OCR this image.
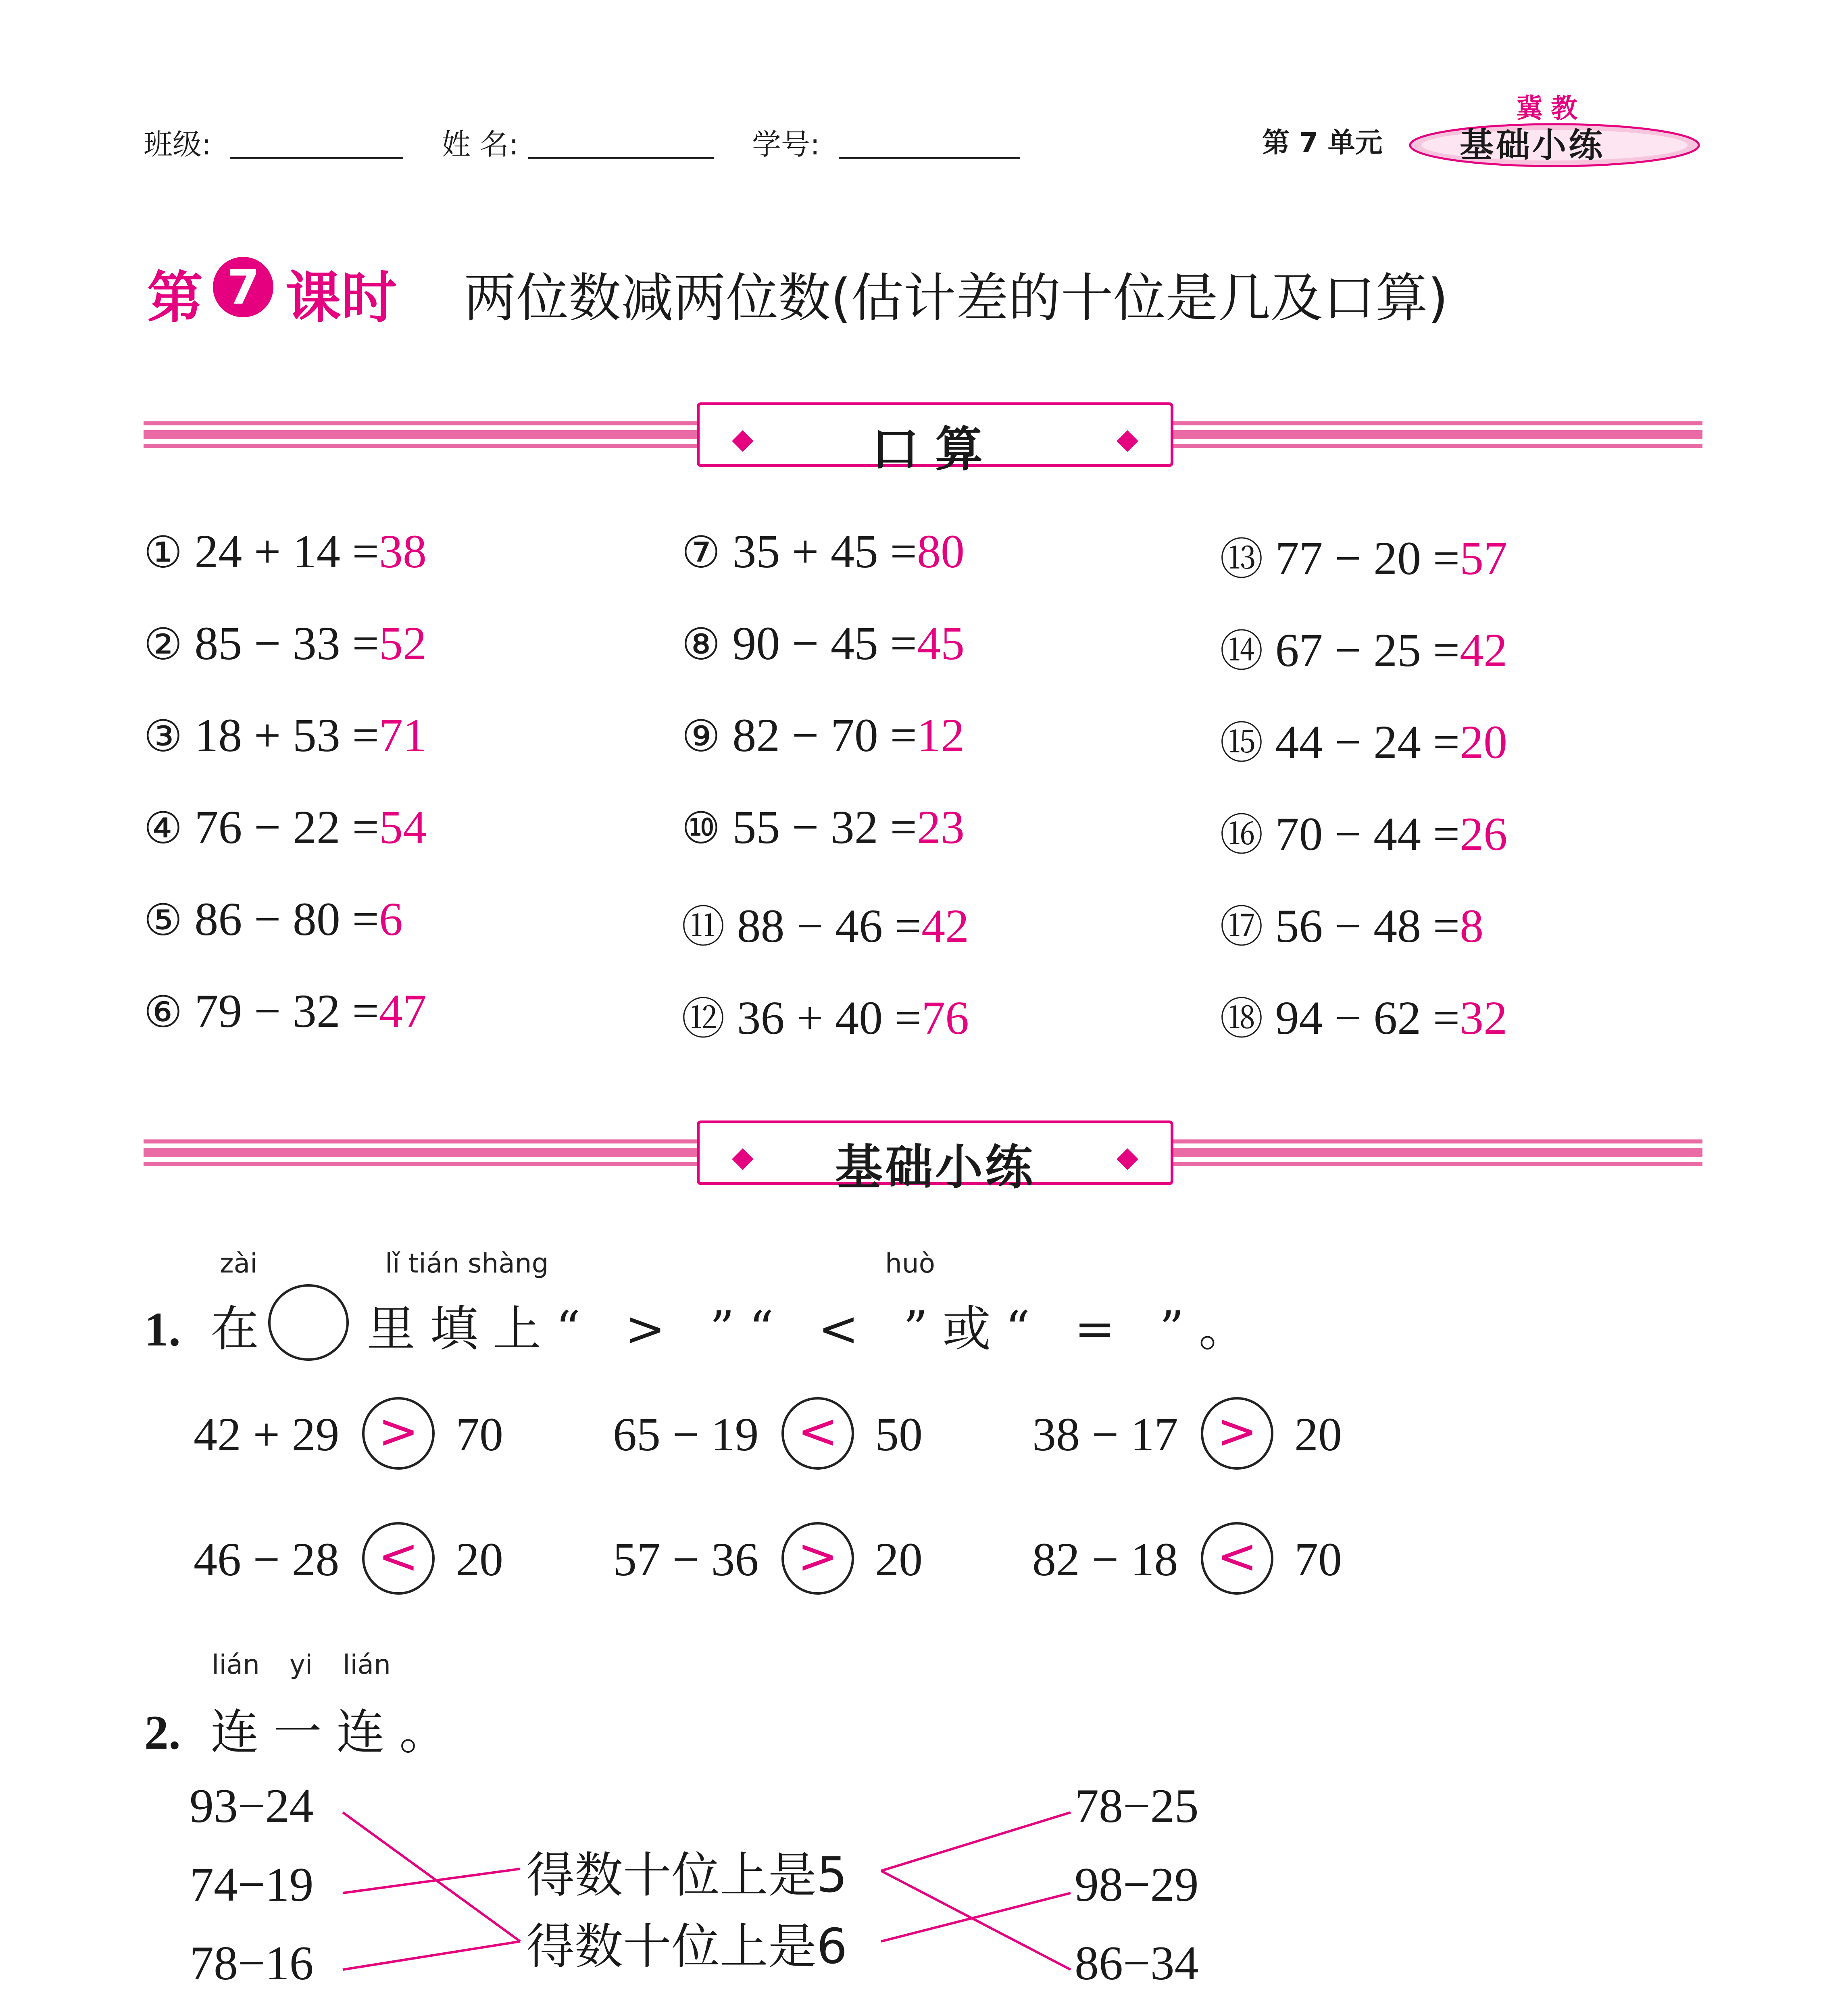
班级:	姓 名:	学号:	第 7 单元
冀教
基础小练
第 7 课时 两位数减两位数(估计差的十位是几及口算)
◆	口算	◆
① 24 + 14 =38
② 85 − 33 =52
③ 18 + 53 =71
④ 76 − 22 =54
⑤ 86 − 80 =6
⑥ 79 − 32 =47
⑦ 35 + 45 =80
⑧ 90 − 45 =45
⑨ 82 − 70 =12
⑩ 55 − 32 =23
⑪ 88 − 46 =42
⑫ 36 + 40 =76
⑬ 77 − 20 =57
⑭ 67 − 25 =42
⑮ 44 − 24 =20
⑯ 70 − 44 =26
⑰ 56 − 48 =8
⑱ 94 − 62 =32
◆	基础小练	◆
zài	lǐ tián shàng	huò
1. 在 里填上“ > ”“ < ”或“ = ”。
42 + 29 > 70 65 − 19 < 50 38 − 17 > 20
46 − 28 < 20 57 − 36 > 20 82 − 18 < 70
lián yi lián
2. 连一连。
93−24
74−19
78−16
得数十位上是5
得数十位上是6
78−25
98−29
86−34
